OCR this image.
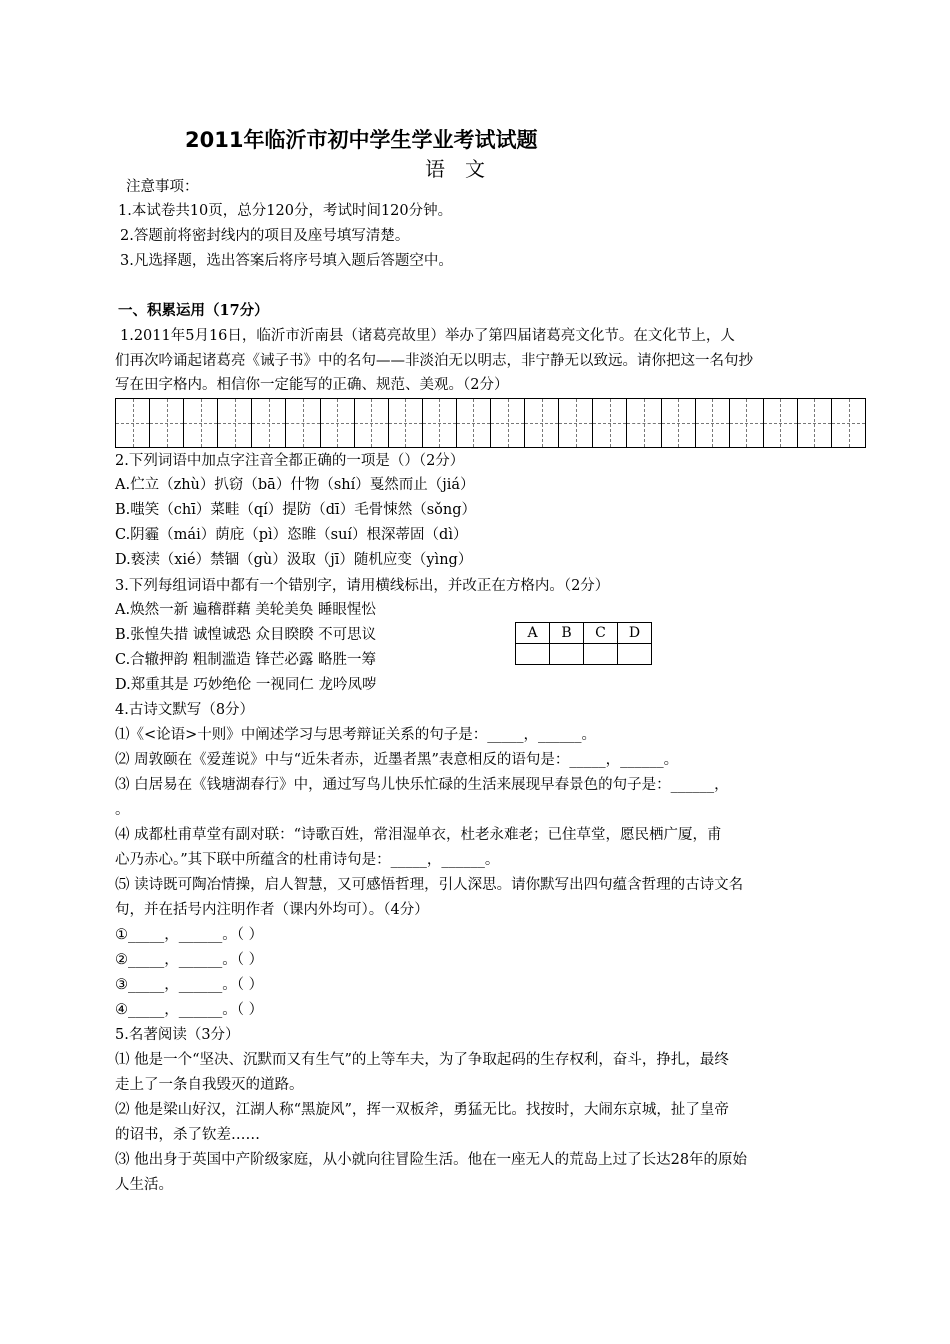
2011年临沂市初中学生学业考试试题
语　文
注意事项：
1.本试卷共10页，总分120分，考试时间120分钟。
2.答题前将密封线内的项目及座号填写清楚。
3.凡选择题，选出答案后将序号填入题后答题空中。
一、积累运用（17分）
1.2011年5月16日，临沂市沂南县（诸葛亮故里）举办了第四届诸葛亮文化节。在文化节上，人
们再次吟诵起诸葛亮《诫子书》中的名句——非淡泊无以明志，非宁静无以致远。请你把这一名句抄
写在田字格内。相信你一定能写的正确、规范、美观。（2分）
2.下列词语中加点字注音全都正确的一项是（）（2分）
A.伫立（zhù）扒窃（bā）什物（shí）戛然而止（jiá）
B.嗤笑（chī）菜畦（qí）提防（dī）毛骨悚然（sǒng）
C.阴霾（mái）荫庇（pì）恣睢（suí）根深蒂固（dì）
D.亵渎（xié）禁锢（gù）汲取（jī）随机应变（yìng）
3.下列每组词语中都有一个错别字，请用横线标出，并改正在方格内。（2分）
A.焕然一新 遍稽群藉 美轮美奂 睡眼惺忪
B.张惶失措 诚惶诚恐 众目睽睽 不可思议
C.合辙押韵 粗制滥造 锋芒必露 略胜一筹
D.郑重其是 巧妙绝伦 一视同仁 龙吟凤哕
A	B	C	D

4.古诗文默写（8分）
⑴《<论语>十则》中阐述学习与思考辩证关系的句子是：_____，______。
⑵ 周敦颐在《爱莲说》中与“近朱者赤，近墨者黑”表意相反的语句是：_____，______。
⑶ 白居易在《钱塘湖春行》中，通过写鸟儿快乐忙碌的生活来展现早春景色的句子是：______，
。
⑷ 成都杜甫草堂有副对联：“诗歌百姓，常泪湿单衣，杜老永难老；已住草堂，愿民栖广厦，甫
心乃赤心。”其下联中所蕴含的杜甫诗句是：_____，______。
⑸ 读诗既可陶冶情操，启人智慧，又可感悟哲理，引人深思。请你默写出四句蕴含哲理的古诗文名
句，并在括号内注明作者（课内外均可）。（4分）
①_____，______。（ ）
②_____，______。（ ）
③_____，______。（ ）
④_____，______。（ ）
5.名著阅读（3分）
⑴ 他是一个“坚决、沉默而又有生气”的上等车夫，为了争取起码的生存权利，奋斗，挣扎，最终
走上了一条自我毁灭的道路。
⑵ 他是梁山好汉，江湖人称“黑旋风”，挥一双板斧，勇猛无比。找按时，大闹东京城，扯了皇帝
的诏书，杀了钦差……
⑶ 他出身于英国中产阶级家庭，从小就向往冒险生活。他在一座无人的荒岛上过了长达28年的原始
人生活。
